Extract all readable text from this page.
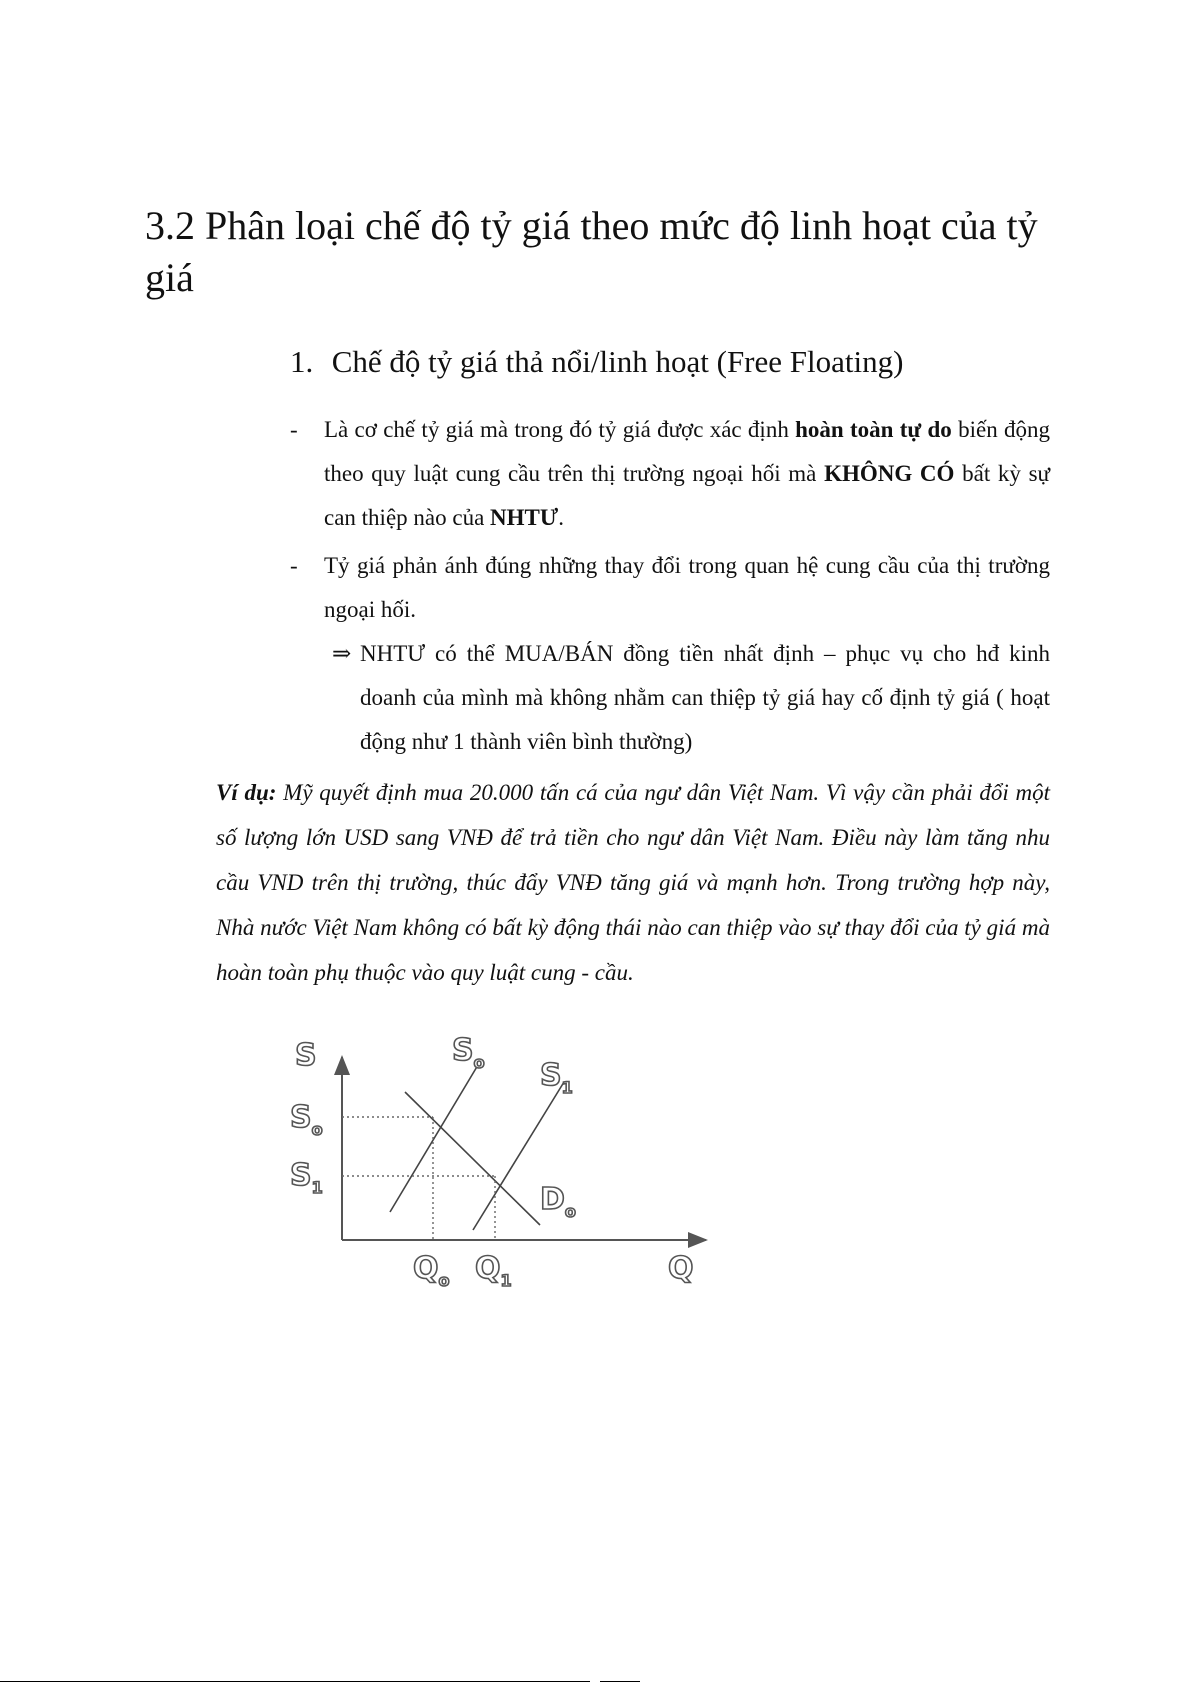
3.2 Phân loại chế độ tỷ giá theo mức độ linh hoạt của tỷ giá
1. Chế độ tỷ giá thả nổi/linh hoạt (Free Floating)
- Là cơ chế tỷ giá mà trong đó tỷ giá được xác định hoàn toàn tự do biến động theo quy luật cung cầu trên thị trường ngoại hối mà KHÔNG CÓ bất kỳ sự can thiệp nào của NHTƯ.
- Tỷ giá phản ánh đúng những thay đổi trong quan hệ cung cầu của thị trường ngoại hối.
⇒ NHTƯ có thể MUA/BÁN đồng tiền nhất định – phục vụ cho hđ kinh doanh của mình mà không nhằm can thiệp tỷ giá hay cố định tỷ giá ( hoạt động như 1 thành viên bình thường)

Ví dụ: Mỹ quyết định mua 20.000 tấn cá của ngư dân Việt Nam. Vì vậy cần phải đổi một số lượng lớn USD sang VNĐ để trả tiền cho ngư dân Việt Nam. Điều này làm tăng nhu cầu VND trên thị trường, thúc đẩy VNĐ tăng giá và mạnh hơn. Trong trường hợp này, Nhà nước Việt Nam không có bất kỳ động thái nào can thiệp vào sự thay đổi của tỷ giá mà hoàn toàn phụ thuộc vào quy luật cung - cầu.

S
Q
$S_o$ $S_1$
$D_o$
$S_o$
$S_1$
$Q_o$ $Q_1$
